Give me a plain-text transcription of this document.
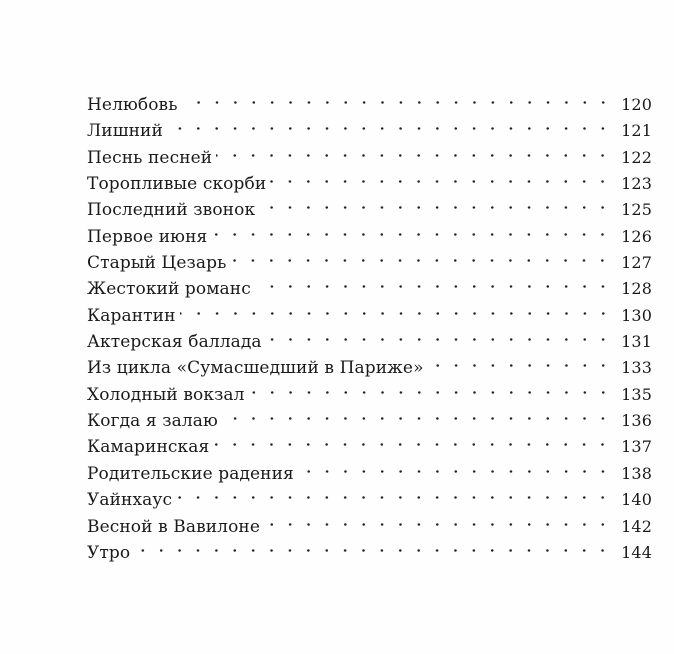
Нелюбовь	120
Лишний	121
Песнь песней	122
Торопливые скорби	123
Последний звонок	125
Первое июня	126
Старый Цезарь	127
Жестокий романс	128
Карантин	130
Актерская баллада	131
Из цикла «Сумасшедший в Париже»	133
Холодный вокзал	135
Когда я залаю	136
Камаринская	137
Родительские радения	138
Уайнхаус	140
Весной в Вавилоне	142
Утро	144
